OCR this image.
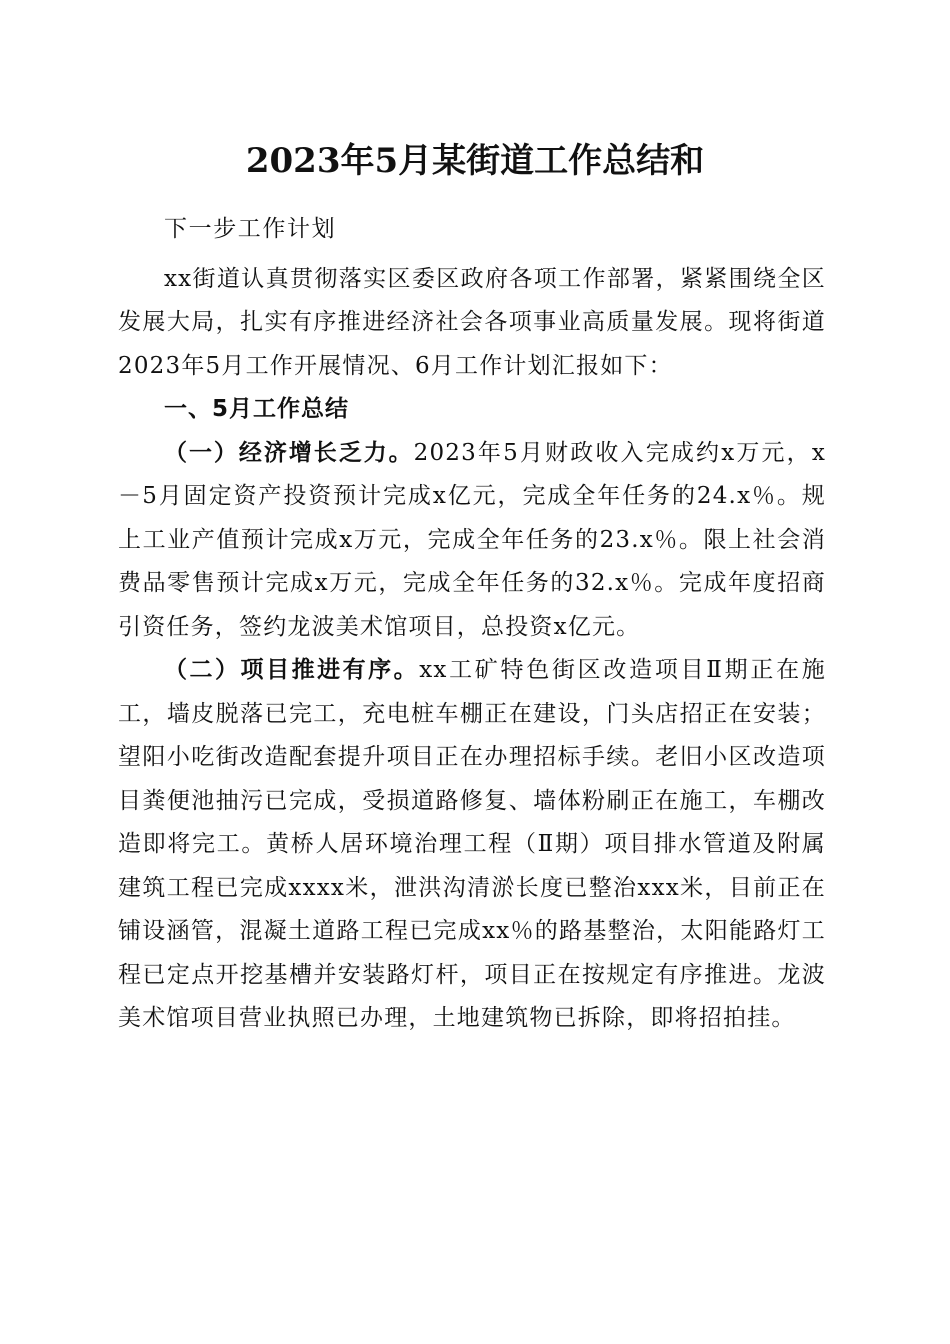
2023年5月某街道工作总结和

下一步工作计划

xx街道认真贯彻落实区委区政府各项工作部署，紧紧围绕全区发展大局，扎实有序推进经济社会各项事业高质量发展。现将街道2023年5月工作开展情况、6月工作计划汇报如下：

一、5月工作总结

（一）经济增长乏力。2023年5月财政收入完成约x万元，x－5月固定资产投资预计完成x亿元，完成全年任务的24.x％。规上工业产值预计完成x万元，完成全年任务的23.x％。限上社会消费品零售预计完成x万元，完成全年任务的32.x％。完成年度招商引资任务，签约龙波美术馆项目，总投资x亿元。

（二）项目推进有序。xx工矿特色街区改造项目Ⅱ期正在施工，墙皮脱落已完工，充电桩车棚正在建设，门头店招正在安装；望阳小吃街改造配套提升项目正在办理招标手续。老旧小区改造项目粪便池抽污已完成，受损道路修复、墙体粉刷正在施工，车棚改造即将完工。黄桥人居环境治理工程（Ⅱ期）项目排水管道及附属建筑工程已完成xxxx米，泄洪沟清淤长度已整治xxx米，目前正在铺设涵管，混凝土道路工程已完成xx％的路基整治，太阳能路灯工程已定点开挖基槽并安装路灯杆，项目正在按规定有序推进。龙波美术馆项目营业执照已办理，土地建筑物已拆除，即将招拍挂。
